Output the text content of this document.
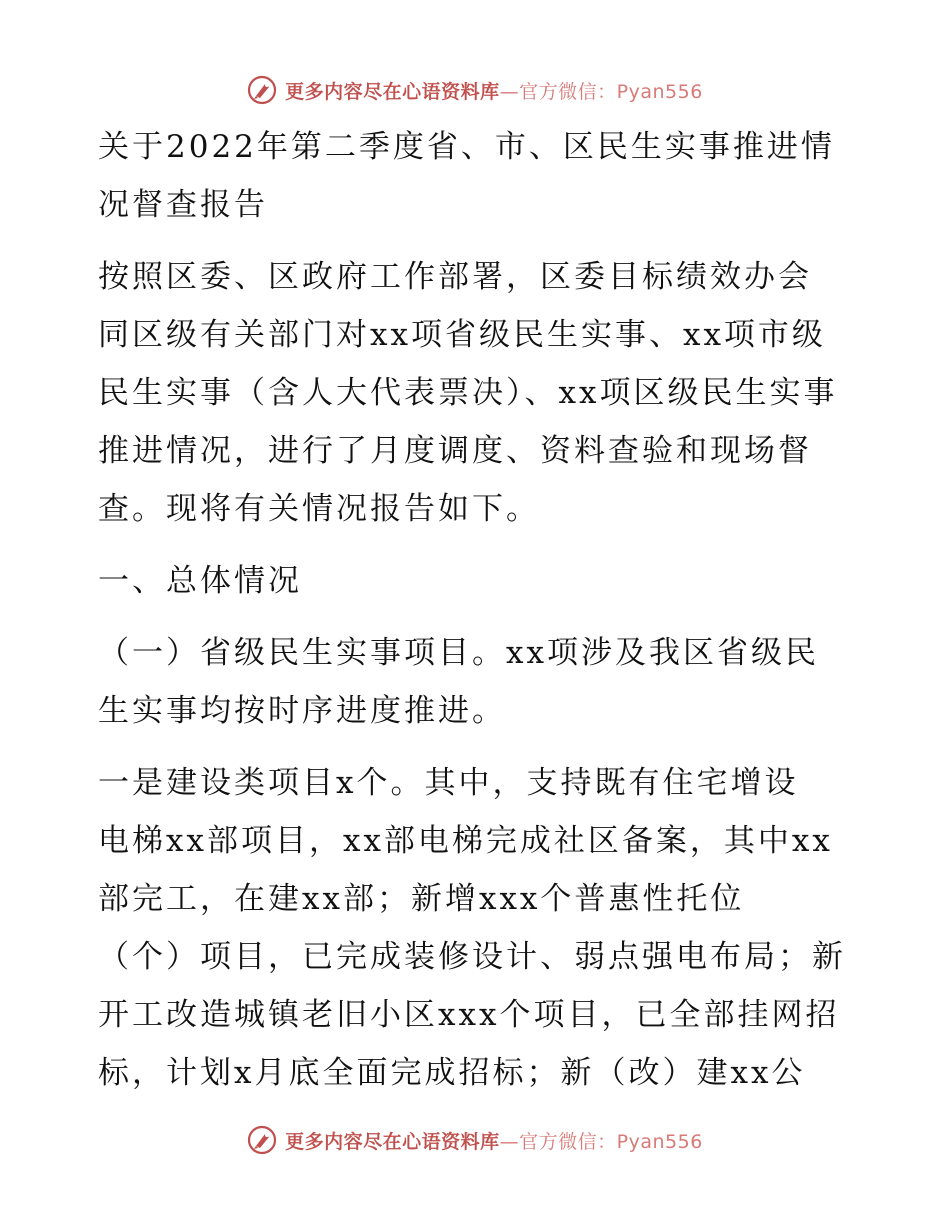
更多内容尽在心语资料库 —官方微信：Pyan556
关于2022年第二季度省、市、区民生实事推进情
况督查报告
按照区委、区政府工作部署，区委目标绩效办会
同区级有关部门对xx项省级民生实事、xx项市级
民生实事（含人大代表票决）、xx项区级民生实事
推进情况，进行了月度调度、资料查验和现场督
查。现将有关情况报告如下。
一、总体情况
（一）省级民生实事项目。xx项涉及我区省级民
生实事均按时序进度推进。
一是建设类项目x个。其中，支持既有住宅增设
电梯xx部项目，xx部电梯完成社区备案，其中xx
部完工，在建xx部；新增xxx个普惠性托位
（个）项目，已完成装修设计、弱点强电布局；新
开工改造城镇老旧小区xxx个项目，已全部挂网招
标，计划x月底全面完成招标；新（改）建xx公
更多内容尽在心语资料库 —官方微信：Pyan556
